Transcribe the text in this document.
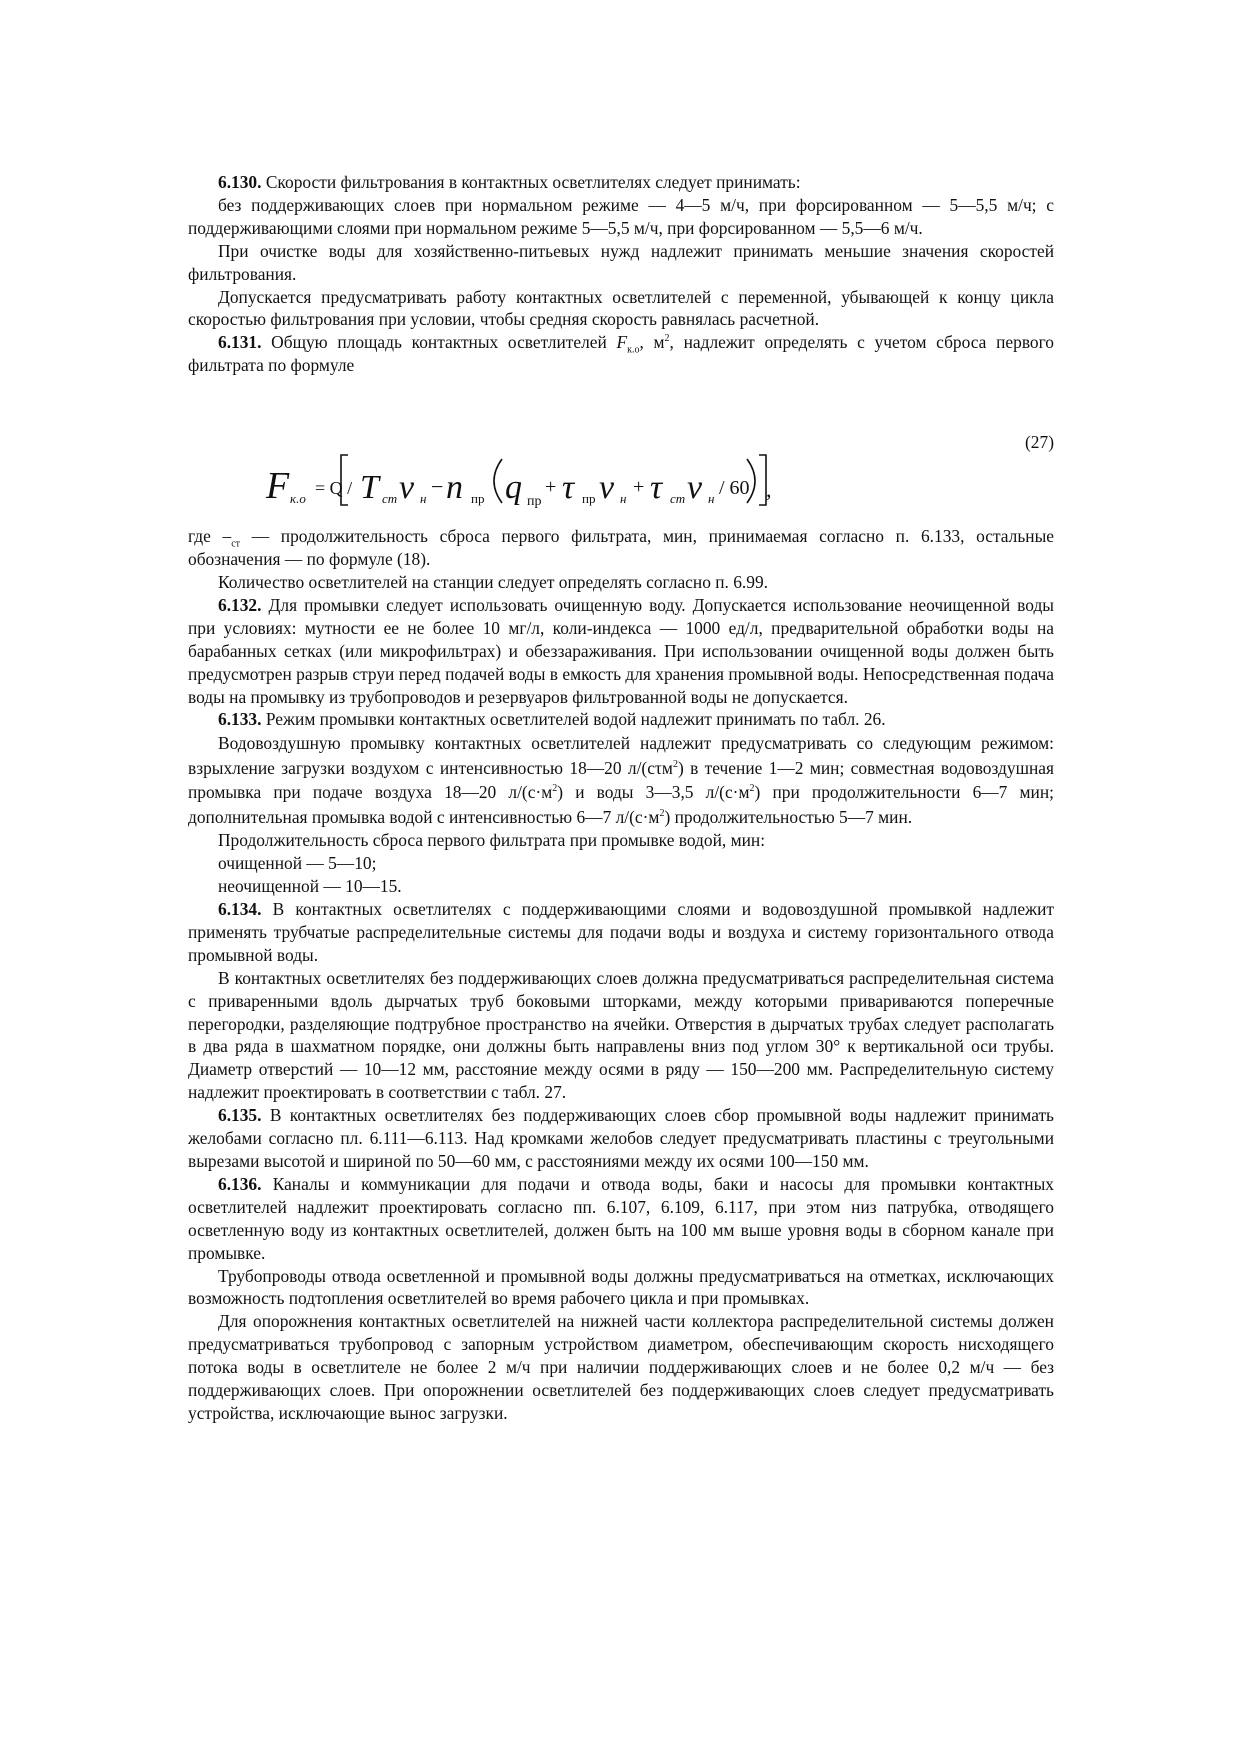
6.130. Скорости фильтрования в контактных осветлителях следует принимать:

без поддерживающих слоев при нормальном режиме — 4—5 м/ч, при форсированном — 5—5,5 м/ч; с поддерживающими слоями при нормальном режиме 5—5,5 м/ч, при форсированном — 5,5—6 м/ч.

При очистке воды для хозяйственно-питьевых нужд надлежит принимать меньшие значения скоростей фильтрования.

Допускается предусматривать работу контактных осветлителей с переменной, убывающей к концу цикла скоростью фильтрования при условии, чтобы средняя скорость равнялась расчетной.

6.131. Общую площадь контактных осветлителей $F_{к.о}$, $м^2$, надлежит определять с учетом сброса первого фильтрата по формуле

F к.о
= Q / T ст v н − n пр q пр
+ τ пр v н
+ τ ст v н / 60 ,
(27)

где $-_{ст}$ — продолжительность сброса первого фильтрата, мин, принимаемая согласно п. 6.133, остальные обозначения — по формуле (18).

Количество осветлителей на станции следует определять согласно п. 6.99.

6.132. Для промывки следует использовать очищенную воду. Допускается использование неочищенной воды при условиях: мутности ее не более 10 мг/л, коли-индекса — 1000 ед/л, предварительной обработки воды на барабанных сетках (или микрофильтрах) и обеззараживания. При использовании очищенной воды должен быть предусмотрен разрыв струи перед подачей воды в емкость для хранения промывной воды. Непосредственная подача воды на промывку из трубопроводов и резервуаров фильтрованной воды не допускается.

6.133. Режим промывки контактных осветлителей водой надлежит принимать по табл. 26.

Водовоздушную промывку контактных осветлителей надлежит предусматривать со следующим режимом: взрыхление загрузки воздухом с интенсивностью 18—20 л/(сτм$^2$) в течение 1—2 мин; совместная водовоздушная промывка при подаче воздуха 18—20 $л/(с\cdot м^2)$ и воды 3—3,5 $л/(с\cdot м^2)$ при продолжительности 6—7 мин; дополнительная промывка водой с интенсивностью 6—7 $л/(с\cdot м^2)$ продолжительностью 5—7 мин.

Продолжительность сброса первого фильтрата при промывке водой, мин:

очищенной — 5—10;

неочищенной — 10—15.

6.134. В контактных осветлителях с поддерживающими слоями и водовоздушной промывкой надлежит применять трубчатые распределительные системы для подачи воды и воздуха и систему горизонтального отвода промывной воды.

В контактных осветлителях без поддерживающих слоев должна предусматриваться распределительная система с приваренными вдоль дырчатых труб боковыми шторками, между которыми привариваются поперечные перегородки, разделяющие подтрубное пространство на ячейки. Отверстия в дырчатых трубах следует располагать в два ряда в шахматном порядке, они должны быть направлены вниз под углом 30° к вертикальной оси трубы. Диаметр отверстий — 10—12 мм, расстояние между осями в ряду — 150—200 мм. Распределительную систему надлежит проектировать в соответствии с табл. 27.

6.135. В контактных осветлителях без поддерживающих слоев сбор промывной воды надлежит принимать желобами согласно пл. 6.111—6.113. Над кромками желобов следует предусматривать пластины с треугольными вырезами высотой и шириной по 50—60 мм, с расстояниями между их осями 100—150 мм.

6.136. Каналы и коммуникации для подачи и отвода воды, баки и насосы для промывки контактных осветлителей надлежит проектировать согласно пп. 6.107, 6.109, 6.117, при этом низ патрубка, отводящего осветленную воду из контактных осветлителей, должен быть на 100 мм выше уровня воды в сборном канале при промывке.

Трубопроводы отвода осветленной и промывной воды должны предусматриваться на отметках, исключающих возможность подтопления осветлителей во время рабочего цикла и при промывках.

Для опорожнения контактных осветлителей на нижней части коллектора распределительной системы должен предусматриваться трубопровод с запорным устройством диаметром, обеспечивающим скорость нисходящего потока воды в осветлителе не более 2 м/ч при наличии поддерживающих слоев и не более 0,2 м/ч — без поддерживающих слоев. При опорожнении осветлителей без поддерживающих слоев следует предусматривать устройства, исключающие вынос загрузки.
